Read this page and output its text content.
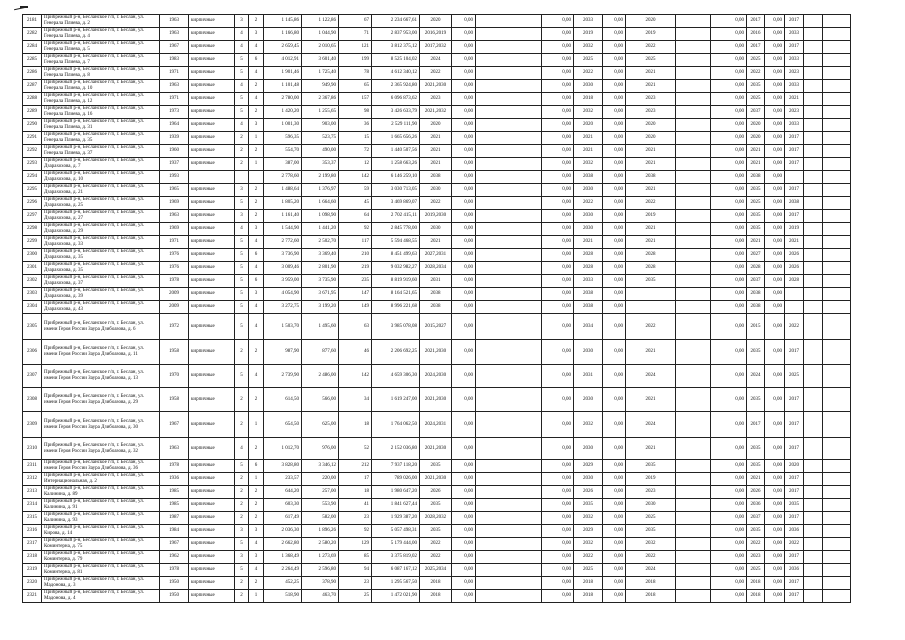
2181	Прибрежный р-н, Бесланское г/п, г. Беслан, ул. Генерала Плиева, д. 2	1963	кирпичные	3	2	1 145,86	1 122,86	67	2 234 667,61	2020	0,00		0,00	2033	0,00	2020		0,00	2017	0,00	2017		
2282	Прибрежный р-н, Бесланское г/п, г. Беслан, ул. Генерала Плиева, д. 4	1963	кирпичные	4	3	1 166,80	1 044,90	71	2 837 953,00	2016,2019	0,00		0,00	2019	0,00	2019		0,00	2016	0,00	2033		
2284	Прибрежный р-н, Бесланское г/п, г. Беслан, ул. Генерала Плиева, д. 5	1967	кирпичные	4	4	2 659,45	2 010,65	121	3 812 375,12	2017,2032	0,00		0,00	2032	0,00	2022		0,00	2017	0,00	2017		
2285	Прибрежный р-н, Бесланское г/п, г. Беслан, ул. Генерала Плиева, д. 7	1983	кирпичные	5	6	4 012,91	3 601,40	199	8 525 104,02	2024	0,00		0,00	2025	0,00	2025		0,00	2025	0,00	2033		
2286	Прибрежный р-н, Бесланское г/п, г. Беслан, ул. Генерала Плиева, д. 8	1971	кирпичные	5	4	1 901,46	1 725,40	78	4 612 340,12	2022	0,00		0,00	2022	0,00	2021		0,00	2022	0,00	2023		
2287	Прибрежный р-н, Бесланское г/п, г. Беслан, ул. Генерала Плиева, д. 10	1963	кирпичные	4	2	1 101,48	949,90	65	2 365 924,80	2021,2030	0,00		0,00	2030	0,00	2021		0,00	2035	0,00	2033		
2288	Прибрежный р-н, Бесланское г/п, г. Беслан, ул. Генерала Плиева, д. 12	1971	кирпичные	5	4	2 780,00	2 367,86	157	6 096 873,62	2023	0,00		0,00	2018	0,00	2023		0,00	2025	0,00	2021		
2289	Прибрежный р-н, Бесланское г/п, г. Беслан, ул. Генерала Плиева, д. 16	1973	кирпичные	5	2	1 420,20	1 255,65	98	3 426 633,79	2021,2032	0,00		0,00	2032	0,00	2023		0,00	2037	0,00	2023		
2290	Прибрежный р-н, Бесланское г/п, г. Беслан, ул. Генерала Плиева, д. 31	1964	кирпичные	4	3	1 001,30	903,00	36	2 529 111,90	2020	0,00		0,00	2020	0,00	2020		0,00	2020	0,00	2033		
2291	Прибрежный р-н, Бесланское г/п, г. Беслан, ул. Генерала Плиева, д. 35	1939	кирпичные	2	1	596,35	523,75	15	1 665 656,26	2021	0,00		0,00	2021	0,00	2020		0,00	2020	0,00	2017		
2292	Прибрежный р-н, Бесланское г/п, г. Беслан, ул. Генерала Плиева, д. 37	1960	кирпичные	2	2	554,70	490,00	72	1 440 507,56	2021	0,00		0,00	2021	0,00	2021		0,00	2021	0,00	2017		
2293	Прибрежный р-н, Бесланское г/п, г. Беслан, ул. Дзарахохова, д. 7	1937	кирпичные	2	1	387,00	353,37	12	1 258 663,26	2021	0,00		0,00	2032	0,00	2021		0,00	2021	0,00	2017		
2294	Прибрежный р-н, Бесланское г/п, г. Беслан, ул. Дзарахохова, д. 10	1993				2 778,60	2 199,80	142	6 146 259,10	2038	0,00		0,00	2038	0,00	2038		0,00	2038	0,00			
2295	Прибрежный р-н, Бесланское г/п, г. Беслан, ул. Дзарахохова, д. 21	1965	кирпичные	3	2	1 488,64	1 376,97	59	3 030 713,05	2030	0,00		0,00	2030	0,00	2021		0,00	2035	0,00	2017		
2296	Прибрежный р-н, Бесланское г/п, г. Беслан, ул. Дзарахохова, д. 25	1969	кирпичные	5	2	1 805,20	1 664,60	45	3 469 869,07	2022	0,00		0,00	2022	0,00	2022		0,00	2025	0,00	2038		
2297	Прибрежный р-н, Бесланское г/п, г. Беслан, ул. Дзарахохова, д. 27	1963	кирпичные	3	2	1 161,40	1 098,90	64	2 702 415,11	2019,2030	0,00		0,00	2030	0,00	2019		0,00	2035	0,00	2017		
2298	Прибрежный р-н, Бесланское г/п, г. Беслан, ул. Дзарахохова, д. 29	1969	кирпичные	4	3	1 544,90	1 441,20	92	2 845 778,00	2030	0,00		0,00	2030	0,00	2021		0,00	2035	0,00	2019		
2299	Прибрежный р-н, Бесланское г/п, г. Беслан, ул. Дзарахохова, д. 33	1971	кирпичные	5	4	2 772,60	2 502,70	117	5 594 468,55	2021	0,00		0,00	2021	0,00	2021		0,00	2021	0,00	2021		
2300	Прибрежный р-н, Бесланское г/п, г. Беслан, ул. Дзарахохова, д. 35	1976	кирпичные	5	6	3 736,90	3 369,40	210	8 451 499,63	2027,2031	0,00		0,00	2028	0,00	2028		0,00	2027	0,00	2026		
2301	Прибрежный р-н, Бесланское г/п, г. Беслан, ул. Дзарахохова, д. 35	1976	кирпичные	5	4	3 009,46	2 801,90	219	9 032 982,27	2028,2034	0,00		0,00	2028	0,00	2028		0,00	2028	0,00	2026		
2302	Прибрежный р-н, Бесланское г/п, г. Беслан, ул. Дзарахохова, д. 37	1978	кирпичные	5	6	3 959,00	3 735,90	235	8 819 919,60	2031	0,00		0,00	2033	0,00	2035		0,00	2037	0,00	2028		
2303	Прибрежный р-н, Бесланское г/п, г. Беслан, ул. Дзарахохова, д. 39	2009	кирпичные	5	3	4 054,90	3 671,95	147	8 164 521,65	2038	0,00		0,00	2038	0,00			0,00	2038	0,00			
2304	Прибрежный р-н, Бесланское г/п, г. Беслан, ул. Дзарахохова, д. 43	2009	кирпичные	5	4	3 272,75	3 199,20	149	8 996 221,68	2038	0,00		0,00	2038	0,00			0,00	2038	0,00			
2305	Прибрежный р-н, Бесланское г/п, г. Беслан, ул. имени Героя России Заура Дзибоазова, д. 6	1972	кирпичные	5	4	1 503,70	1 495,60	63	3 985 078,08	2015,2027	0,00		0,00	2034	0,00	2022		0,00	2015	0,00	2022		
2306	Прибрежный р-н, Бесланское г/п, г. Беслан, ул. имени Героя России Заура Дзибоазова, д. 11	1958	кирпичные	2	2	987,90	877,60	46	2 206 692,25	2021,2030	0,00		0,00	2030	0,00	2021		0,00	2035	0,00	2017		
2307	Прибрежный р-н, Бесланское г/п, г. Беслан, ул. имени Героя России Заура Дзибоазова, д. 13	1970	кирпичные	5	4	2 739,90	2 486,00	142	4 659 306,30	2024,2030	0,00		0,00	2031	0,00	2024		0,00	2024	0,00	2025		
2308	Прибрежный р-н, Бесланское г/п, г. Беслан, ул. имени Героя России Заура Дзибоазова, д. 29	1958	кирпичные	2	2	614,50	566,00	34	1 619 247,00	2021,2030	0,00		0,00	2030	0,00	2021		0,00	2035	0,00	2017		
2309	Прибрежный р-н, Бесланское г/п, г. Беслан, ул. имени Героя России Заура Дзибоазова, д. 30	1967	кирпичные	2	1	654,50	625,00	18	1 764 062,50	2024,2031	0,00		0,00	2032	0,00	2024		0,00	2017	0,00	2017		
2310	Прибрежный р-н, Бесланское г/п, г. Беслан, ул. имени Героя России Заура Дзибоазова, д. 32	1963	кирпичные	4	2	1 012,70	976,00	52	2 152 036,80	2021,2030	0,00		0,00	2030	0,00	2021		0,00	2035	0,00	2017		
2311	Прибрежный р-н, Бесланское г/п, г. Беслан, ул. имени Героя России Заура Дзибоазова, д. 36	1978	кирпичные	5	6	3 828,80	3 346,12	212	7 937 118,20	2035	0,00		0,00	2029	0,00	2035		0,00	2035	0,00	2020		
2312	Прибрежный р-н, Бесланское г/п, г. Беслан, ул. Интернациональная, д. 2	1936	кирпичные	2	1	233,57	220,00	17	789 026,00	2021,2030	0,00		0,00	2030	0,00	2019		0,00	2021	0,00	2017		
2313	Прибрежный р-н, Бесланское г/п, г. Беслан, ул. Калинина, д. 89	1985	кирпичные	2	2	644,20	257,00	18	1 980 647,20	2026	0,00		0,00	2026	0,00	2023		0,00	2026	0,00	2017		
2314	Прибрежный р-н, Бесланское г/п, г. Беслан, ул. Калинина, д. 91	1985	кирпичные	2	2	603,30	553,90	41	1 841 627,44	2035	0,00		0,00	2035	0,00	2030		0,00	2036	0,00	2035		
2315	Прибрежный р-н, Бесланское г/п, г. Беслан, ул. Калинина, д. 93	1987	кирпичные	2	2	617,49	582,00	23	1 929 387,20	2028,2032	0,00		0,00	2032	0,00	2025		0,00	2037	0,00	2017		
2316	Прибрежный р-н, Бесланское г/п, г. Беслан, ул. Кирова, д. 14	1984	кирпичные	3	3	2 036,30	1 896,26	92	5 057 498,31	2035	0,00		0,00	2029	0,00	2035		0,00	2035	0,00	2036		
2317	Прибрежный р-н, Бесланское г/п, г. Беслан, ул. Коминтерна, д. 75	1967	кирпичные	5	4	2 662,80	2 580,20	129	5 179 444,00	2022	0,00		0,00	2032	0,00	2032		0,00	2022	0,00	2022		
2318	Прибрежный р-н, Бесланское г/п, г. Беслан, ул. Коминтерна, д. 79	1962	кирпичные	3	3	1 368,49	1 273,69	85	3 375 819,02	2022	0,00		0,00	2022	0,00	2022		0,00	2023	0,00	2017		
2319	Прибрежный р-н, Бесланское г/п, г. Беслан, ул. Коминтерна, д. 81	1978	кирпичные	5	4	2 264,49	2 596,80	94	6 087 167,12	2025,2034	0,00		0,00	2025	0,00	2024		0,00	2025	0,00	2036		
2320	Прибрежный р-н, Бесланское г/п, г. Беслан, ул. Мадонова, д. 3	1950	кирпичные	2	2	452,25	378,90	23	1 295 567,50	2018	0,00		0,00	2018	0,00	2018		0,00	2018	0,00	2017		
2321	Прибрежный р-н, Бесланское г/п, г. Беслан, ул. Мадонова, д. 4	1950	кирпичные	2	1	518,90	463,70	25	1 472 021,90	2018	0,00		0,00	2018	0,00	2018		0,00	2018	0,00	2017		
